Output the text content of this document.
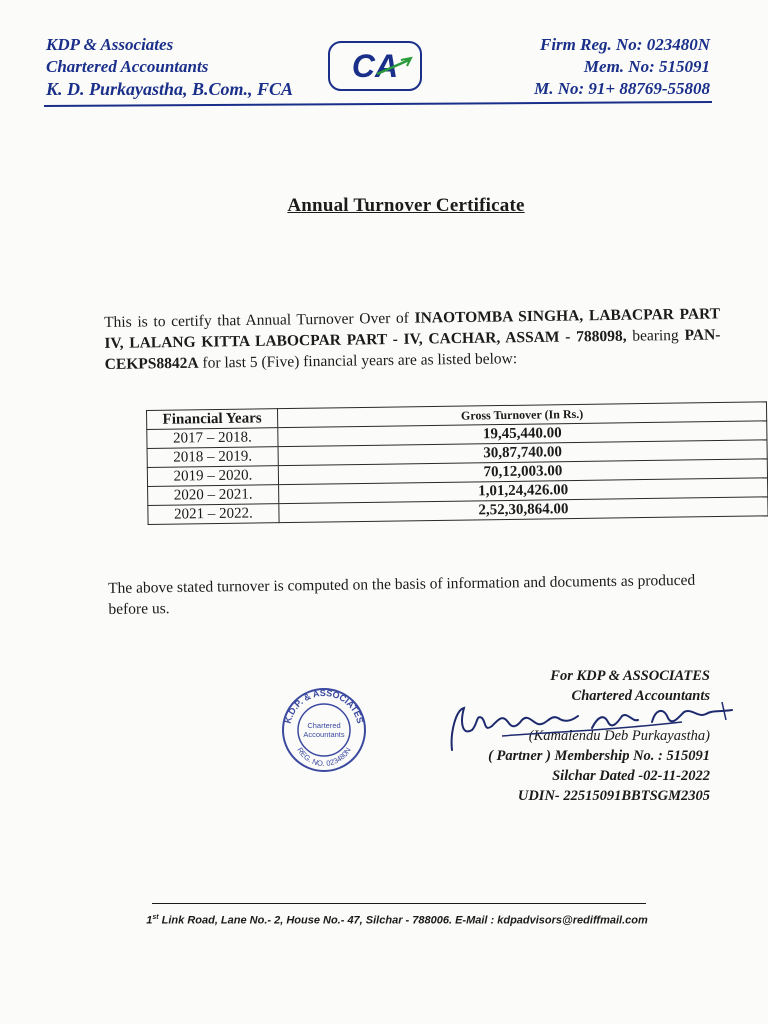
KDP & Associates
Chartered Accountants
K. D. Purkayastha, B.Com., FCA
CA
Firm Reg. No: 023480N
Mem. No: 515091
M. No: 91+ 88769-55808
Annual Turnover Certificate
This is to certify that Annual Turnover Over of INAOTOMBA SINGHA, LABACPAR PART IV, LALANG KITTA LABOCPAR PART - IV, CACHAR, ASSAM - 788098, bearing PAN- CEKPS8842A for last 5 (Five) financial years are as listed below:
Financial Years	Gross Turnover (In Rs.)
2017 – 2018.	19,45,440.00
2018 – 2019.	30,87,740.00
2019 – 2020.	70,12,003.00
2020 – 2021.	1,01,24,426.00
2021 – 2022.	2,52,30,864.00
The above stated turnover is computed on the basis of information and documents as produced before us.
K.D.P. & ASSOCIATES
REG. NO. 023480N
Chartered
Accountants
For KDP & ASSOCIATES
Chartered Accountants
(Kamalendu Deb Purkayastha)
( Partner ) Membership No. : 515091
Silchar Dated -02-11-2022
UDIN- 22515091BBTSGM2305
1st Link Road, Lane No.- 2, House No.- 47, Silchar - 788006. E-Mail : kdpadvisors@rediffmail.com
